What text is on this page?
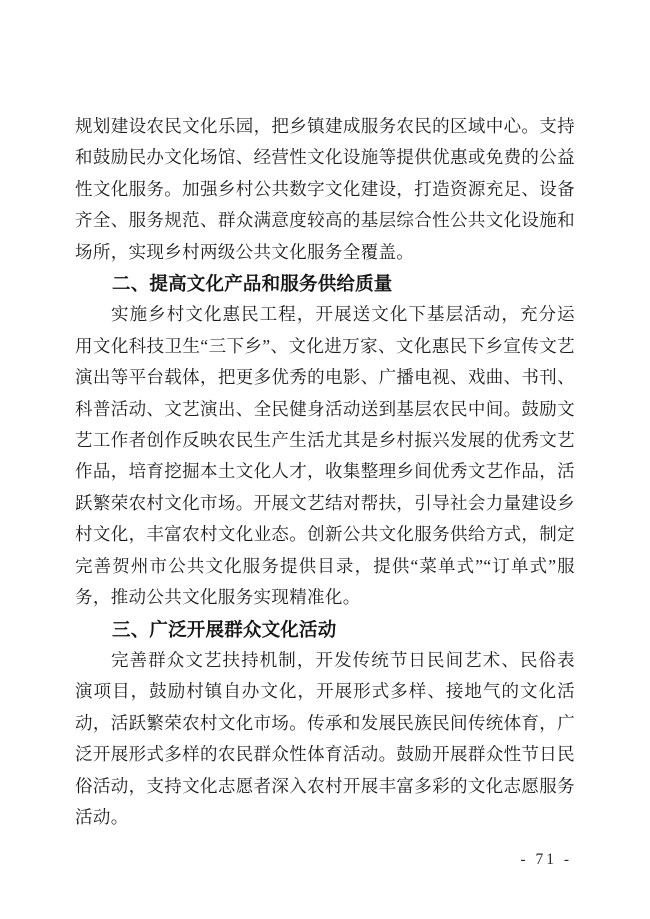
规划建设农民文化乐园，把乡镇建成服务农民的区域中心。支持和鼓励民办文化场馆、经营性文化设施等提供优惠或免费的公益性文化服务。加强乡村公共数字文化建设，打造资源充足、设备齐全、服务规范、群众满意度较高的基层综合性公共文化设施和场所，实现乡村两级公共文化服务全覆盖。

二、提高文化产品和服务供给质量

实施乡村文化惠民工程，开展送文化下基层活动，充分运用文化科技卫生“三下乡”、文化进万家、文化惠民下乡宣传文艺演出等平台载体，把更多优秀的电影、广播电视、戏曲、书刊、科普活动、文艺演出、全民健身活动送到基层农民中间。鼓励文艺工作者创作反映农民生产生活尤其是乡村振兴发展的优秀文艺作品，培育挖掘本土文化人才，收集整理乡间优秀文艺作品，活跃繁荣农村文化市场。开展文艺结对帮扶，引导社会力量建设乡村文化，丰富农村文化业态。创新公共文化服务供给方式，制定完善贺州市公共文化服务提供目录，提供“菜单式”“订单式”服务，推动公共文化服务实现精准化。

三、广泛开展群众文化活动

完善群众文艺扶持机制，开发传统节日民间艺术、民俗表演项目，鼓励村镇自办文化，开展形式多样、接地气的文化活动，活跃繁荣农村文化市场。传承和发展民族民间传统体育，广泛开展形式多样的农民群众性体育活动。鼓励开展群众性节日民俗活动，支持文化志愿者深入农村开展丰富多彩的文化志愿服务活动。

- 71 -
